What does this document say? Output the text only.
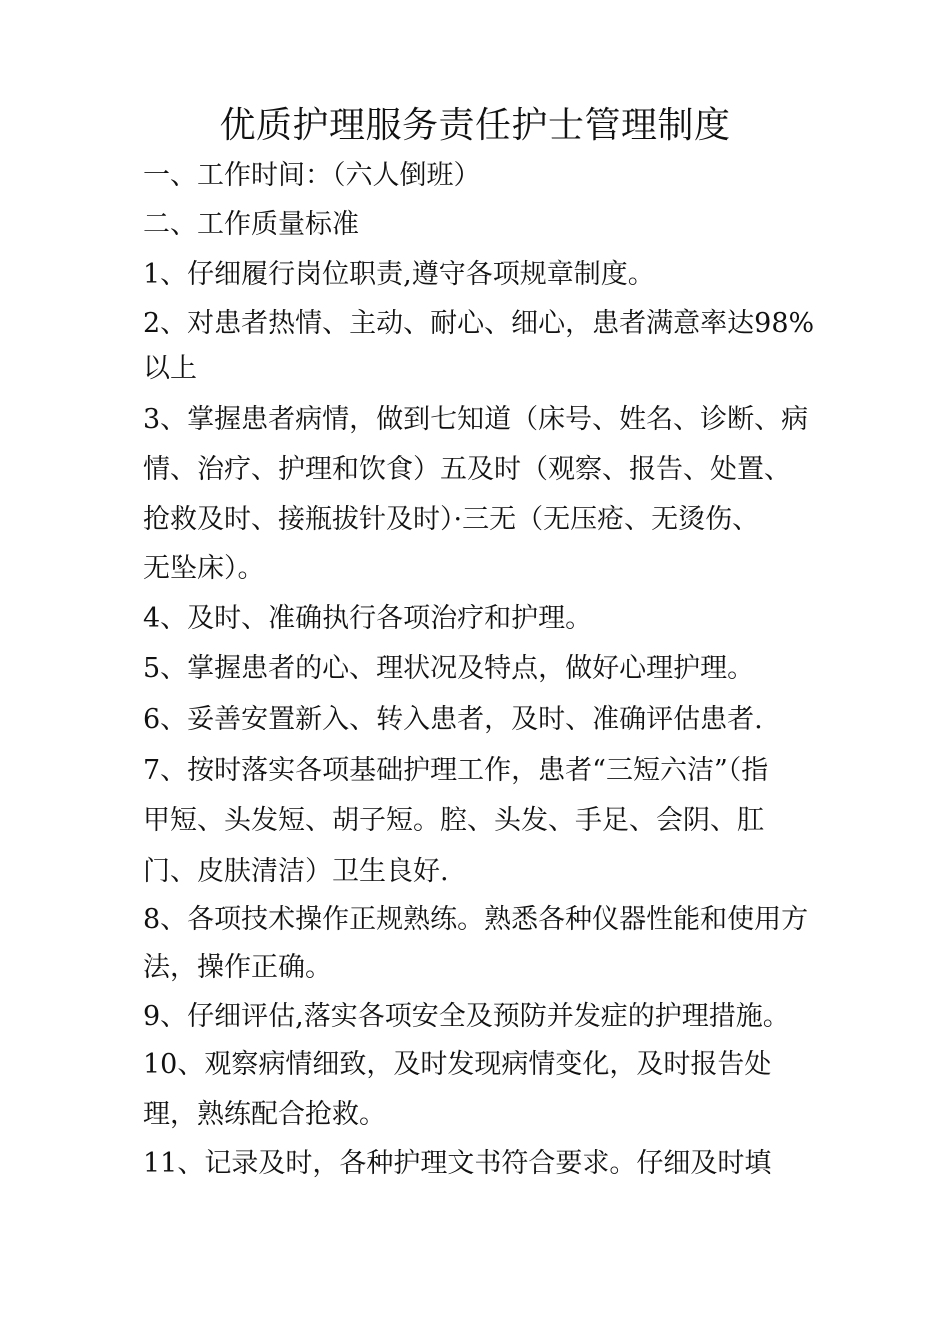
优质护理服务责任护士管理制度
一、工作时间：（六人倒班）
二、工作质量标准
1、仔细履行岗位职责,遵守各项规章制度。
2、对患者热情、主动、耐心、细心，患者满意率达98%
以上
3、掌握患者病情，做到七知道（床号、姓名、诊断、病
情、治疗、护理和饮食）五及时（观察、报告、处置、
抢救及时、接瓶拔针及时）·三无（无压疮、无烫伤、
无坠床）。
4、及时、准确执行各项治疗和护理。
5、掌握患者的心、理状况及特点，做好心理护理。
6、妥善安置新入、转入患者，及时、准确评估患者.
7、按时落实各项基础护理工作，患者“三短六洁”（指
甲短、头发短、胡子短。腔、头发、手足、会阴、肛
门、皮肤清洁）卫生良好.
8、各项技术操作正规熟练。熟悉各种仪器性能和使用方
法，操作正确。
9、仔细评估,落实各项安全及预防并发症的护理措施。
10、观察病情细致，及时发现病情变化，及时报告处
理，熟练配合抢救。
11、记录及时，各种护理文书符合要求。仔细及时填
